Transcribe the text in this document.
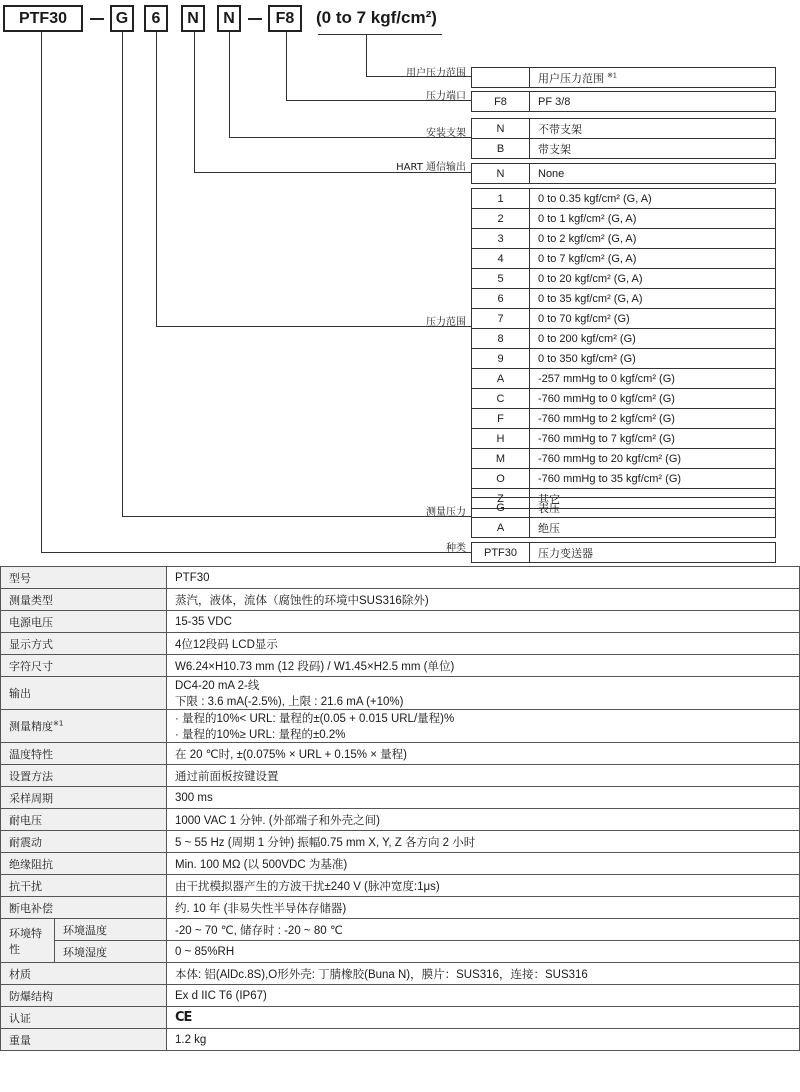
PTF30	G	6	N	N	F8	(0 to 7 kgf/cm²)
用户压力范围
压力端口
安装支架
HART 通信输出
压力范围
测量压力
种类
用户压力范围 $^{※1}$
F8	PF 3/8
N	不带支架
B	带支架
N	None
1	0 to 0.35 kgf/cm² (G, A)
2	0 to 1 kgf/cm² (G, A)
3	0 to 2 kgf/cm² (G, A)
4	0 to 7 kgf/cm² (G, A)
5	0 to 20 kgf/cm² (G, A)
6	0 to 35 kgf/cm² (G, A)
7	0 to 70 kgf/cm² (G)
8	0 to 200 kgf/cm² (G)
9	0 to 350 kgf/cm² (G)
A	-257 mmHg to 0 kgf/cm² (G)
C	-760 mmHg to 0 kgf/cm² (G)
F	-760 mmHg to 2 kgf/cm² (G)
H	-760 mmHg to 7 kgf/cm² (G)
M	-760 mmHg to 20 kgf/cm² (G)
O	-760 mmHg to 35 kgf/cm² (G)
Z	其它
G	表压
A	绝压
PTF30	压力变送器
型号		PTF30
测量类型		蒸汽，液体，流体（腐蚀性的环境中SUS316除外)
电源电压		15-35 VDC
显示方式		4位12段码 LCD显示
字符尺寸		W6.24×H10.73 mm (12 段码) / W1.45×H2.5 mm (单位)
输出		DC4-20 mA 2-线
下限 : 3.6 mA(-2.5%), 上限 : 21.6 mA (+10%)

测量精度$^{※1}$		· 量程的10%< URL: 量程的±(0.05 + 0.015 URL/量程)%
· 量程的10%≥ URL: 量程的±0.2%

温度特性		在 20 ℃时, ±(0.075% × URL + 0.15% × 量程)
设置方法		通过前面板按键设置
采样周期		300 ms
耐电压		1000 VAC 1 分钟. (外部端子和外壳之间)
耐震动		5 ~ 55 Hz (周期 1 分钟) 振幅0.75 mm X, Y, Z 各方向 2 小时
绝缘阻抗		Min. 100 MΩ (以 500VDC 为基准)
抗干扰		由干扰模拟器产生的方波干扰±240 V (脉冲宽度:1μs)
断电补偿		约. 10 年 (非易失性半导体存储器)
环境特性	环境温度	-20 ~ 70 ℃, 储存时 : -20 ~ 80 ℃
	环境湿度	0 ~ 85%RH
材质		本体: 铝(AlDc.8S),O形外壳: 丁腈橡胶(Buna N)，膜片：SUS316，连接：SUS316
防爆结构		Ex d IIC T6 (IP67)
认证		CE
重量		1.2 kg
